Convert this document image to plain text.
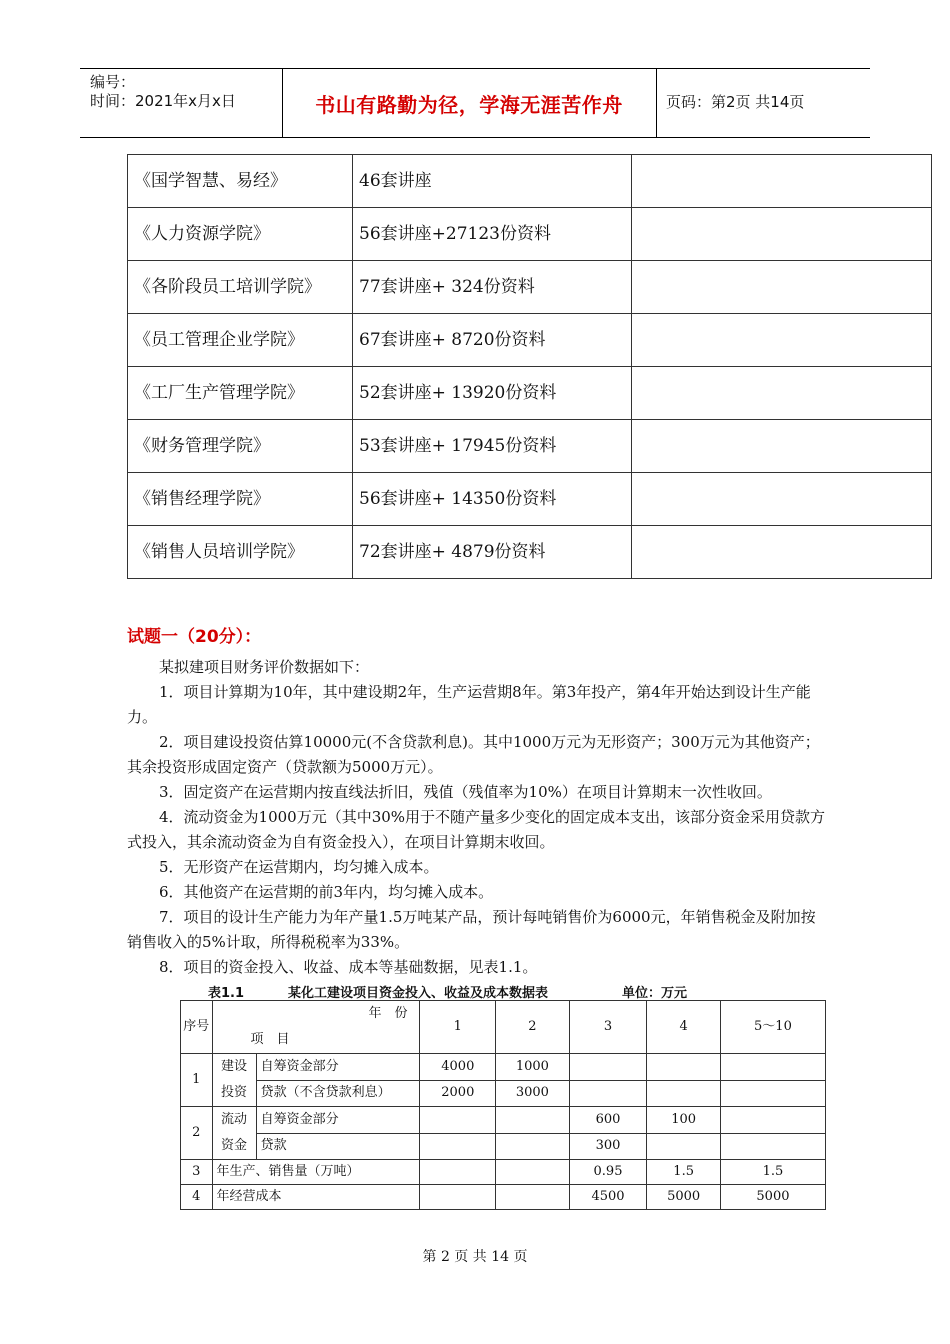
编号：
时间：2021年x月x日	书山有路勤为径，学海无涯苦作舟	页码：第2页 共14页
《国学智慧、易经》	46套讲座	
《人力资源学院》	56套讲座+27123份资料	
《各阶段员工培训学院》	77套讲座+ 324份资料	
《员工管理企业学院》	67套讲座+ 8720份资料	
《工厂生产管理学院》	52套讲座+ 13920份资料	
《财务管理学院》	53套讲座+ 17945份资料	
《销售经理学院》	56套讲座+ 14350份资料	
《销售人员培训学院》	72套讲座+ 4879份资料	
试题一（20分）：

某拟建项目财务评价数据如下：

1．项目计算期为10年，其中建设期2年，生产运营期8年。第3年投产，第4年开始达到设计生产能力。

2．项目建设投资估算10000元(不含贷款利息)。其中1000万元为无形资产；300万元为其他资产；其余投资形成固定资产（贷款额为5000万元）。

3．固定资产在运营期内按直线法折旧，残值（残值率为10%）在项目计算期末一次性收回。

4．流动资金为1000万元（其中30%用于不随产量多少变化的固定成本支出，该部分资金采用贷款方式投入，其余流动资金为自有资金投入），在项目计算期末收回。

5．无形资产在运营期内，均匀摊入成本。

6．其他资产在运营期的前3年内，均匀摊入成本。

7．项目的设计生产能力为年产量1.5万吨某产品，预计每吨销售价为6000元，年销售税金及附加按销售收入的5%计取，所得税税率为33%。

8．项目的资金投入、收益、成本等基础数据，见表1.1。

表1.1	某化工建设项目资金投入、收益及成本数据表	单位：万元
序号	年　份
项　目		1	2	3	4	5～10
1	建设投资	自筹资金部分	4000	1000			
		贷款（不含贷款利息）	2000	3000			
2	流动资金	自筹资金部分			600	100	
		贷款			300		
3	年生产、销售量（万吨）				0.95	1.5	1.5
4	年经营成本				4500	5000	5000
第 2 页 共 14 页
